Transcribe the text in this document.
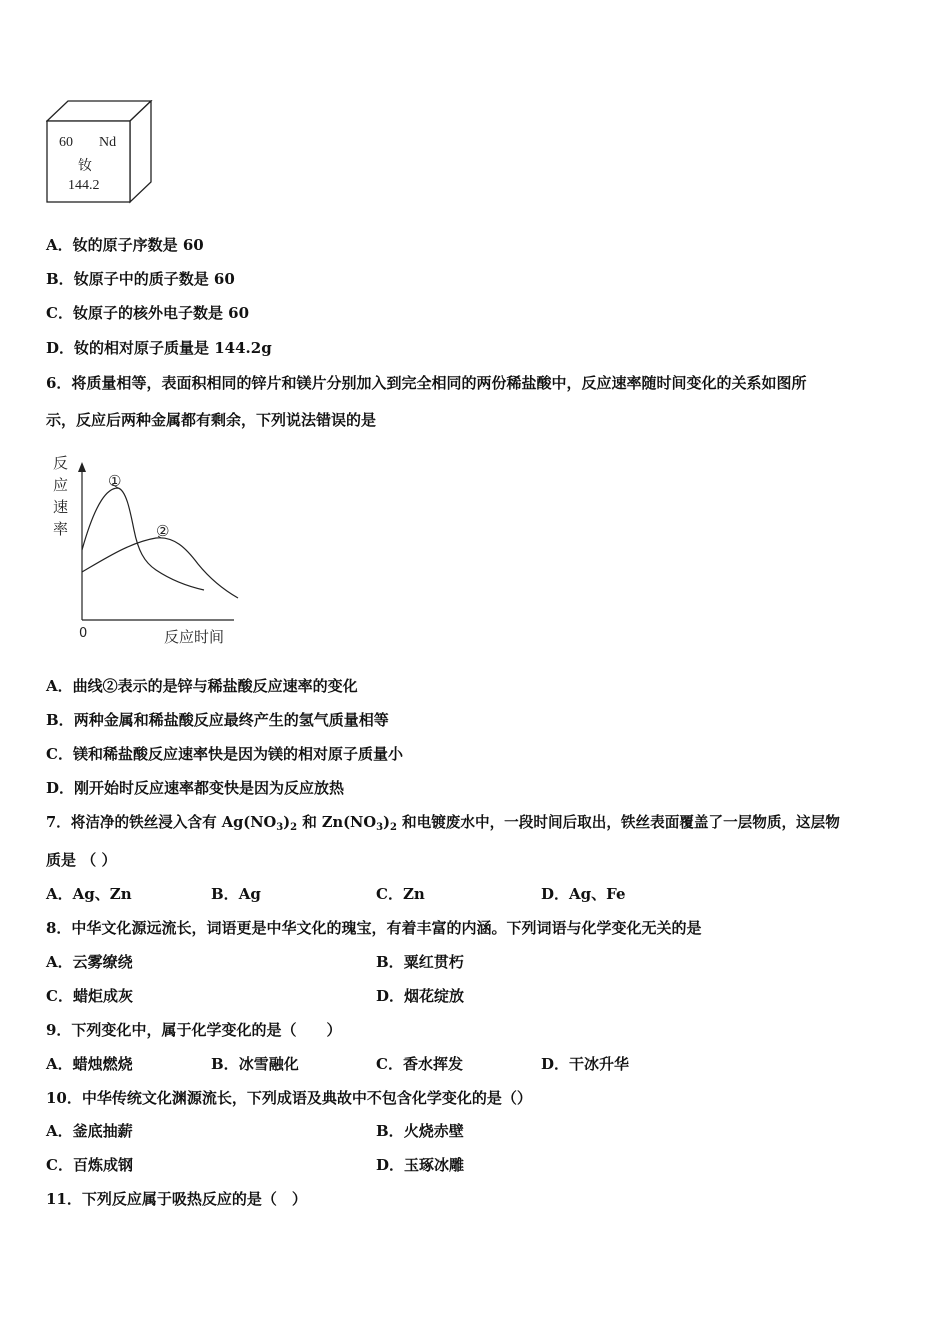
60 Nd
钕
144.2
A．钕的原子序数是 60
B．钕原子中的质子数是 60
C．钕原子的核外电子数是 60
D．钕的相对原子质量是 144.2g
6．将质量相等，表面积相同的锌片和镁片分别加入到完全相同的两份稀盐酸中，反应速率随时间变化的关系如图所
示，反应后两种金属都有剩余，下列说法错误的是
反
应
速
率
①
②
0	反应时间
A．曲线②表示的是锌与稀盐酸反应速率的变化
B．两种金属和稀盐酸反应最终产生的氢气质量相等
C．镁和稀盐酸反应速率快是因为镁的相对原子质量小
D．刚开始时反应速率都变快是因为反应放热
7．将洁净的铁丝浸入含有 $Ag(NO_3)_2$ 和 $Zn(NO_3)_2$ 和电镀废水中，一段时间后取出，铁丝表面覆盖了一层物质，这层物
质是 （ ）
A．Ag、Zn	B．Ag	C．Zn	D．Ag、Fe
8．中华文化源远流长，词语更是中华文化的瑰宝，有着丰富的内涵。下列词语与化学变化无关的是
A．云雾缭绕	B．粟红贯朽
C．蜡炬成灰	D．烟花绽放
9．下列变化中，属于化学变化的是（　　）
A．蜡烛燃烧	B．冰雪融化	C．香水挥发	D．干冰升华
10．中华传统文化渊源流长，下列成语及典故中不包含化学变化的是（）
A．釜底抽薪	B．火烧赤壁
C．百炼成钢	D．玉琢冰雕
11．下列反应属于吸热反应的是（　）
